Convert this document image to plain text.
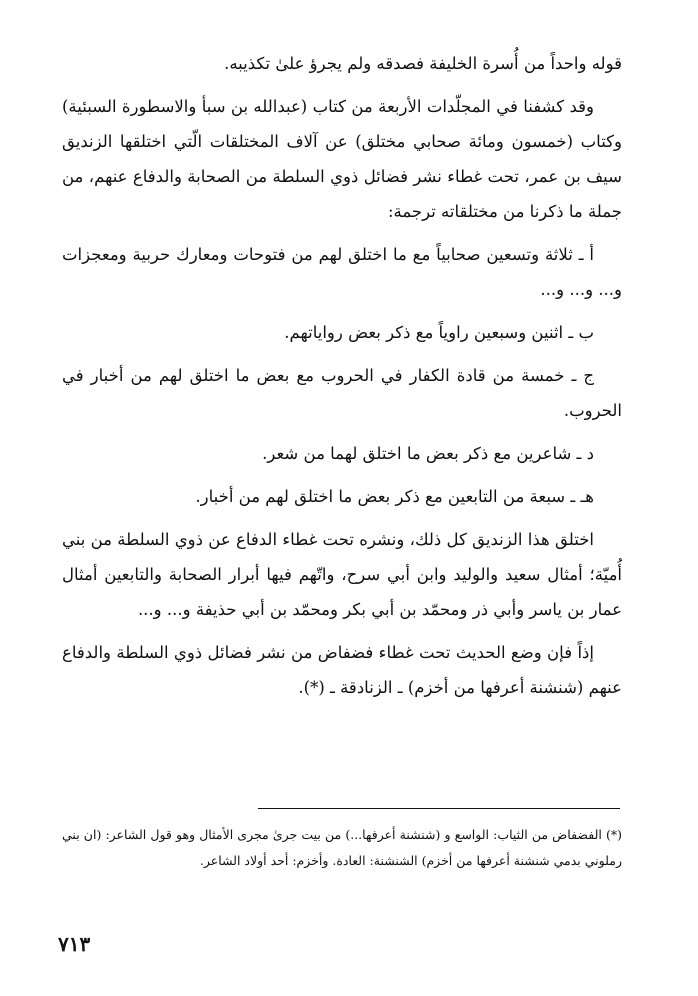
قوله واحداً من أُسرة الخليفة فصدقه ولم يجرؤ علىٰ تكذيبه.

وقد كشفنا في المجلّدات الأربعة من كتاب (عبدالله بن سبأ والاسطورة السبئية) وكتاب (خمسون ومائة صحابي مختلق) عن آلاف المختلقات الّتي اختلقها الزنديق سيف بن عمر، تحت غطاء نشر فضائل ذوي السلطة من الصحابة والدفاع عنهم، من جملة ما ذكرنا من مختلقاته ترجمة:

أ ـ ثلاثة وتسعين صحابياً مع ما اختلق لهم من فتوحات ومعارك حربية ومعجزات و... و... و...

ب ـ اثنين وسبعين راوياً مع ذكر بعض رواياتهم.

ج ـ خمسة من قادة الكفار في الحروب مع بعض ما اختلق لهم من أخبار في الحروب.

د ـ شاعرين مع ذكر بعض ما اختلق لهما من شعر.

هـ ـ سبعة من التابعين مع ذكر بعض ما اختلق لهم من أخبار.

اختلق هذا الزنديق كل ذلك، ونشره تحت غطاء الدفاع عن ذوي السلطة من بني أُميّة؛ أمثال سعيد والوليد وابن أبي سرح، واتّهم فيها أبرار الصحابة والتابعين أمثال عمار بن ياسر وأبي ذر ومحمّد بن أبي بكر ومحمّد بن أبي حذيفة و... و...

إذاً فإن وضع الحديث تحت غطاء فضفاض من نشر فضائل ذوي السلطة والدفاع عنهم (شنشنة أعرفها من أخزم) ـ الزنادقة ـ (*).

(*) الفضفاض من الثياب: الواسع و (شنشنة أعرفها...) من بيت جرىٰ مجرى الأمثال وهو قول الشاعر: (ان بني رملوني بدمي شنشنة أعرفها من أخزم) الشنشنة: العادة. وأخزم: أحد أولاد الشاعر.

٧١٣
